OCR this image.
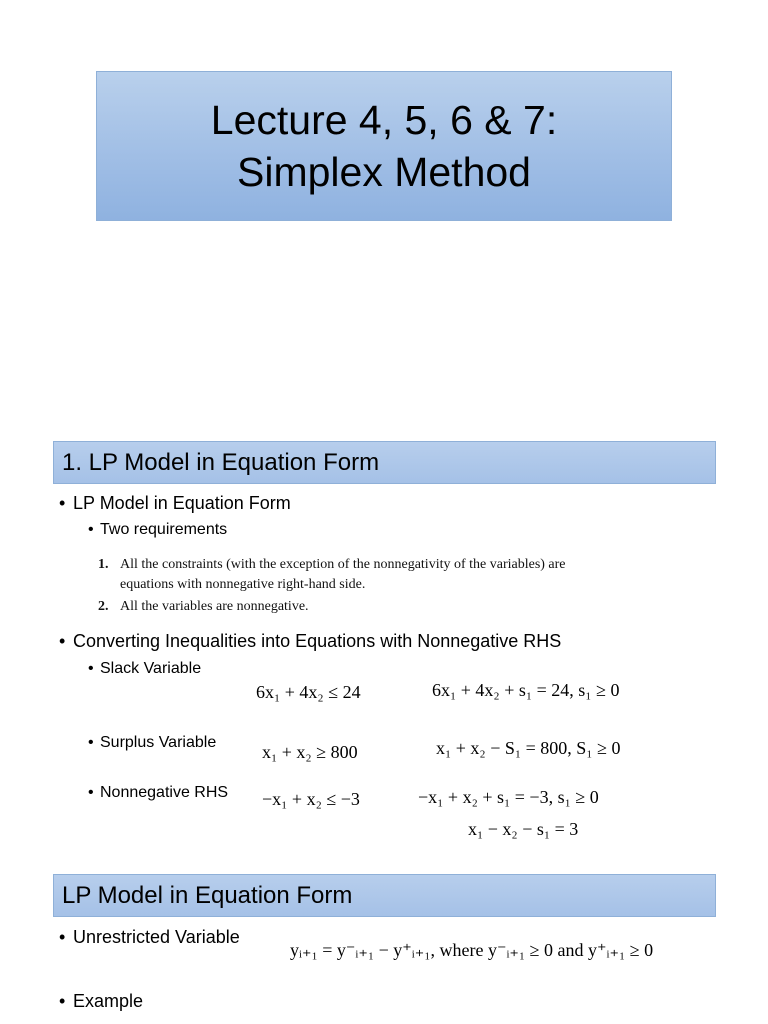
Lecture 4, 5, 6 & 7:
Simplex Method
1. LP Model in Equation Form
• LP Model in Equation Form
• Two requirements
1. All the constraints (with the exception of the nonnegativity of the variables) are
equations with nonnegative right-hand side.
2. All the variables are nonnegative.
• Converting Inequalities into Equations with Nonnegative RHS
• Slack Variable
6x₁ + 4x₂ ≤ 24	6x₁ + 4x₂ + s₁ = 24, s₁ ≥ 0
• Surplus Variable	x₁ + x₂ ≥ 800	x₁ + x₂ − S₁ = 800, S₁ ≥ 0
• Nonnegative RHS −x₁ + x₂ ≤ −3	−x₁ + x₂ + s₁ = −3, s₁ ≥ 0
x₁ − x₂ − s₁ = 3
LP Model in Equation Form
• Unrestricted Variable
yᵢ₊₁ = y⁻ᵢ₊₁ − y⁺ᵢ₊₁, where y⁻ᵢ₊₁ ≥ 0 and y⁺ᵢ₊₁ ≥ 0
• Example
